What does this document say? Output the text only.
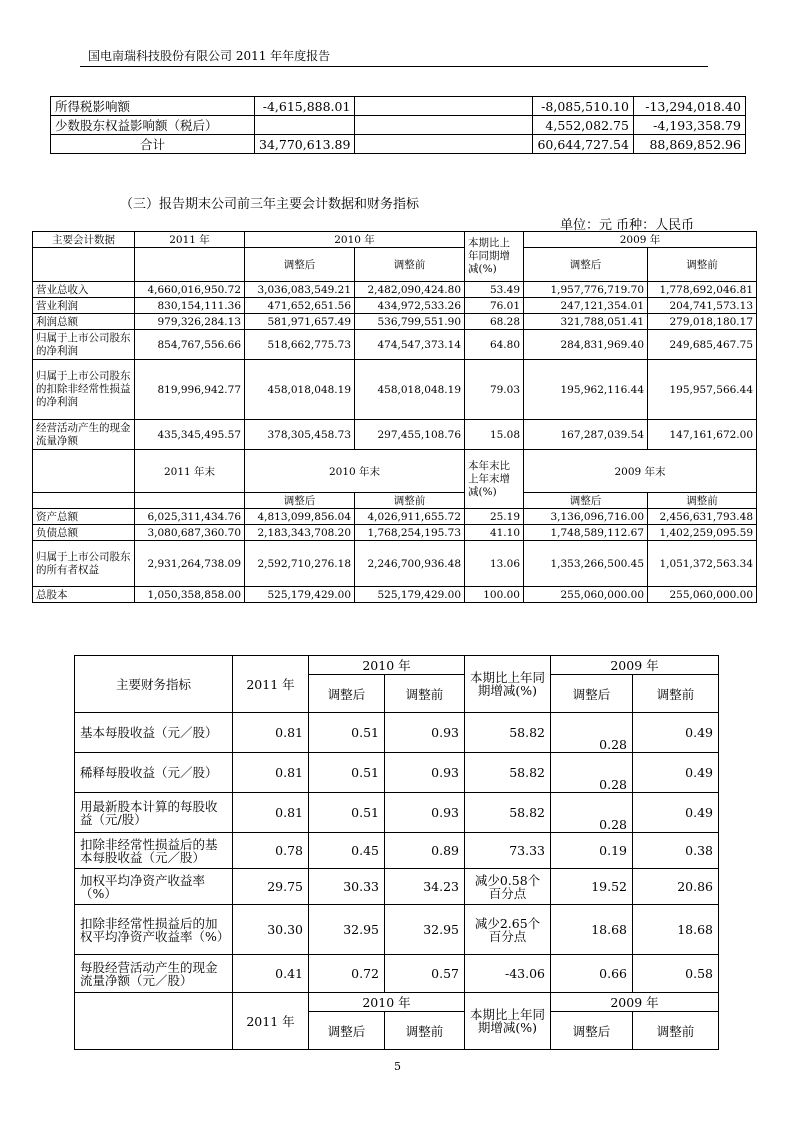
国电南瑞科技股份有限公司 2011 年年度报告
所得税影响额	-4,615,888.01		-8,085,510.10	-13,294,018.40
少数股东权益影响额（税后）			4,552,082.75	-4,193,358.79
合计	34,770,613.89		60,644,727.54	88,869,852.96
（三）报告期末公司前三年主要会计数据和财务指标
单位：元 币种：人民币
主要会计数据	2011 年	2010 年		本期比上年同期增减(%)	2009 年	
		调整后	调整前		调整后	调整前
营业总收入	4,660,016,950.72	3,036,083,549.21	2,482,090,424.80	53.49	1,957,776,719.70	1,778,692,046.81
营业利润	830,154,111.36	471,652,651.56	434,972,533.26	76.01	247,121,354.01	204,741,573.13
利润总额	979,326,284.13	581,971,657.49	536,799,551.90	68.28	321,788,051.41	279,018,180.17
归属于上市公司股东的净利润	854,767,556.66	518,662,775.73	474,547,373.14	64.80	284,831,969.40	249,685,467.75
归属于上市公司股东的扣除非经常性损益的净利润	819,996,942.77	458,018,048.19	458,018,048.19	79.03	195,962,116.44	195,957,566.44
经营活动产生的现金流量净额	435,345,495.57	378,305,458.73	297,455,108.76	15.08	167,287,039.54	147,161,672.00
	2011 年末	2010 年末		本年末比上年末增减(%)	2009 年末	
		调整后	调整前		调整后	调整前
资产总额	6,025,311,434.76	4,813,099,856.04	4,026,911,655.72	25.19	3,136,096,716.00	2,456,631,793.48
负债总额	3,080,687,360.70	2,183,343,708.20	1,768,254,195.73	41.10	1,748,589,112.67	1,402,259,095.59
归属于上市公司股东的所有者权益	2,931,264,738.09	2,592,710,276.18	2,246,700,936.48	13.06	1,353,266,500.45	1,051,372,563.34
总股本	1,050,358,858.00	525,179,429.00	525,179,429.00	100.00	255,060,000.00	255,060,000.00
主要财务指标	2011 年	2010 年		本期比上年同期增减(%)	2009 年	
		调整后	调整前		调整后	调整前
基本每股收益（元／股）	0.81	0.51	0.93	58.82	0.28	0.49
稀释每股收益（元／股）	0.81	0.51	0.93	58.82	0.28	0.49
用最新股本计算的每股收益（元/股）	0.81	0.51	0.93	58.82	0.28	0.49
扣除非经常性损益后的基本每股收益（元／股）	0.78	0.45	0.89	73.33	0.19	0.38
加权平均净资产收益率（%）	29.75	30.33	34.23	减少0.58个百分点	19.52	20.86
扣除非经常性损益后的加权平均净资产收益率（%）	30.30	32.95	32.95	减少2.65个百分点	18.68	18.68
每股经营活动产生的现金流量净额（元／股）	0.41	0.72	0.57	-43.06	0.66	0.58
	2011 年	2010 年		本期比上年同期增减(%)	2009 年	
		调整后	调整前		调整后	调整前
5
